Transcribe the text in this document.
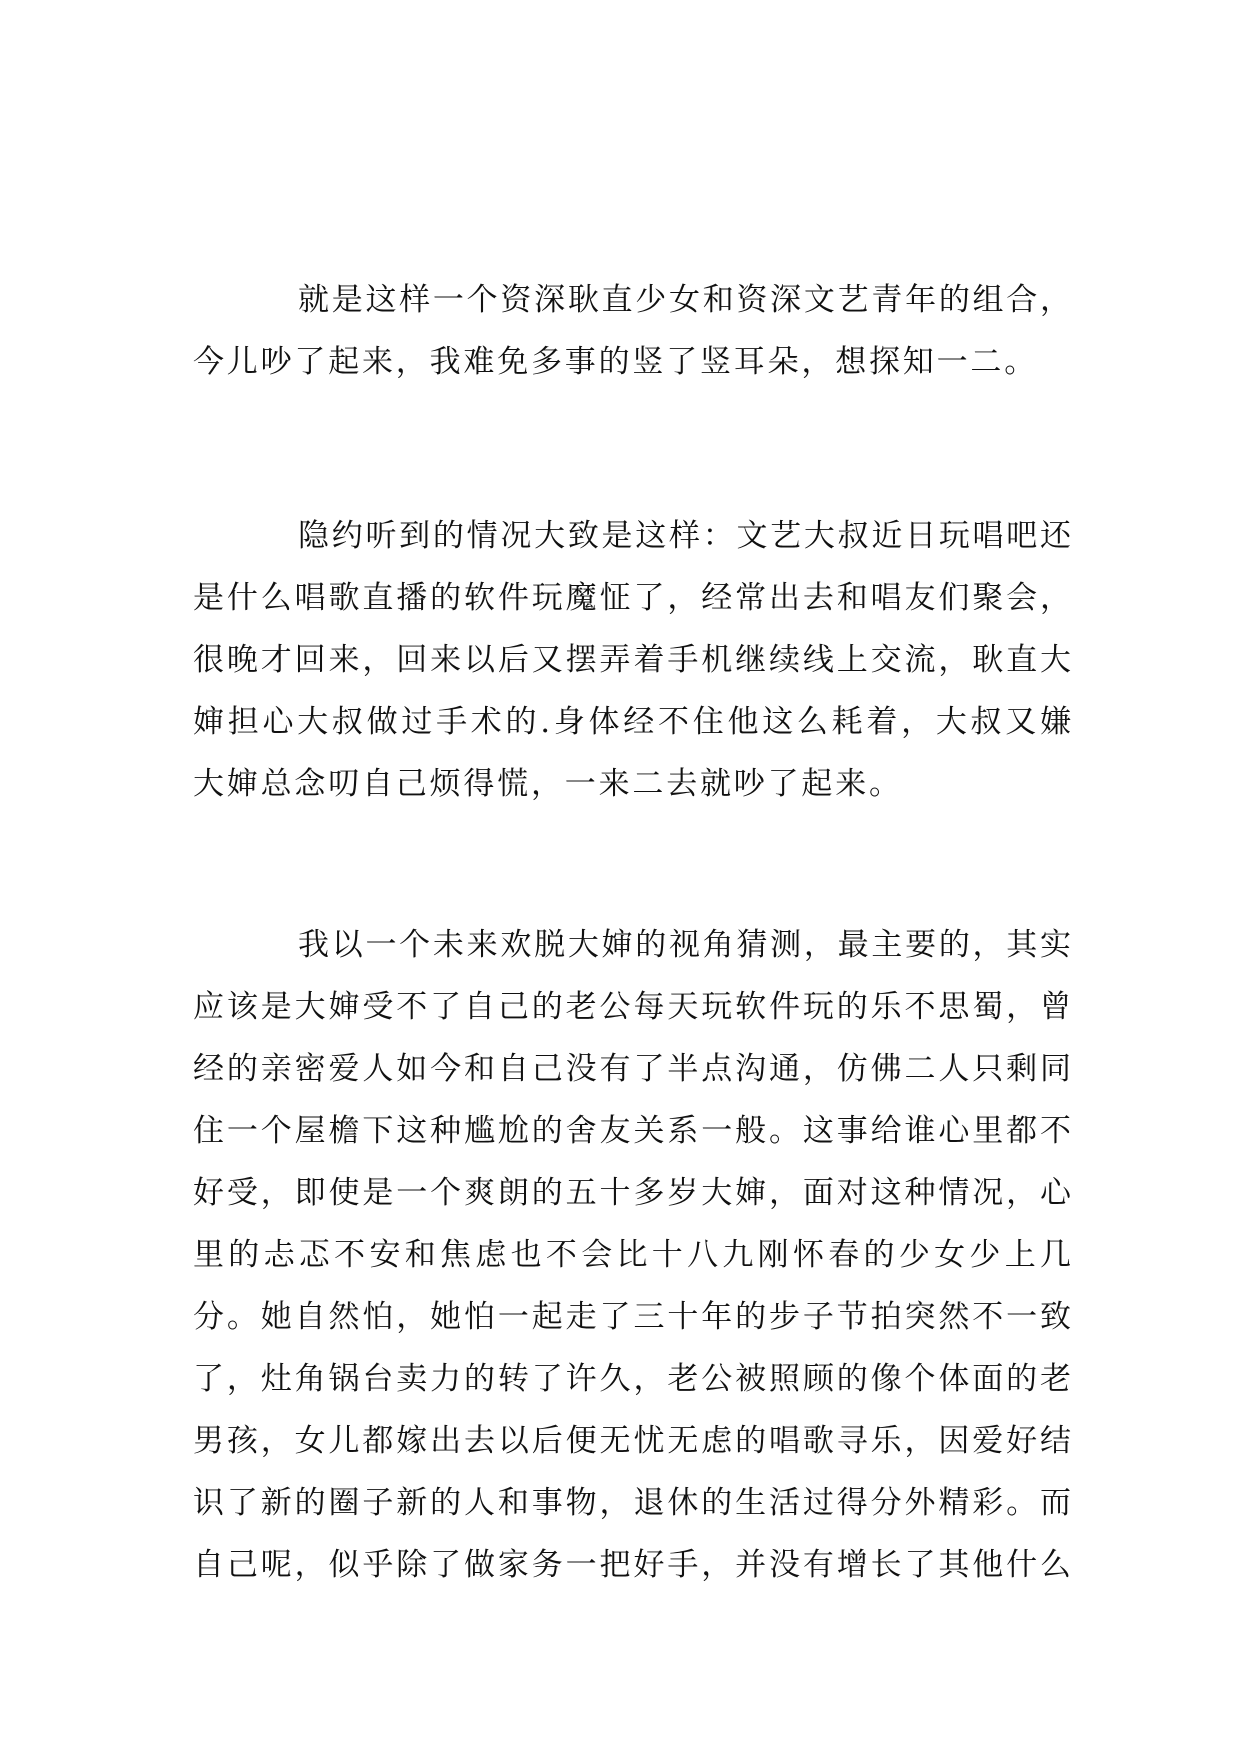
就是这样一个资深耿直少女和资深文艺青年的组合，
今儿吵了起来，我难免多事的竖了竖耳朵，想探知一二。
隐约听到的情况大致是这样：文艺大叔近日玩唱吧还
是什么唱歌直播的软件玩魔怔了，经常出去和唱友们聚会，
很晚才回来，回来以后又摆弄着手机继续线上交流，耿直大
婶担心大叔做过手术的.身体经不住他这么耗着，大叔又嫌
大婶总念叨自己烦得慌，一来二去就吵了起来。
我以一个未来欢脱大婶的视角猜测，最主要的，其实
应该是大婶受不了自己的老公每天玩软件玩的乐不思蜀，曾
经的亲密爱人如今和自己没有了半点沟通，仿佛二人只剩同
住一个屋檐下这种尴尬的舍友关系一般。这事给谁心里都不
好受，即使是一个爽朗的五十多岁大婶，面对这种情况，心
里的忐忑不安和焦虑也不会比十八九刚怀春的少女少上几
分。她自然怕，她怕一起走了三十年的步子节拍突然不一致
了，灶角锅台卖力的转了许久，老公被照顾的像个体面的老
男孩，女儿都嫁出去以后便无忧无虑的唱歌寻乐，因爱好结
识了新的圈子新的人和事物，退休的生活过得分外精彩。而
自己呢，似乎除了做家务一把好手，并没有增长了其他什么
